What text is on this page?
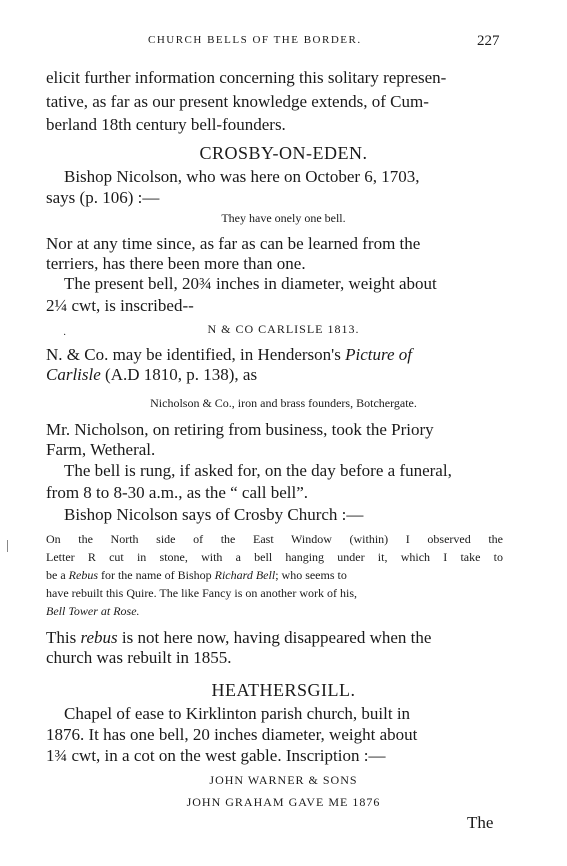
CHURCH BELLS OF THE BORDER.	227
elicit further information concerning this solitary represen-
tative, as far as our present knowledge extends, of Cum-
berland 18th century bell-founders.
CROSBY-ON-EDEN.
Bishop Nicolson, who was here on October 6, 1703,
says (p. 106) :—
They have onely one bell.
Nor at any time since, as far as can be learned from the
terriers, has there been more than one.
The present bell, 20¾ inches in diameter, weight about
2¼ cwt, is inscribed--
·	N & CO CARLISLE 1813.
N. & Co. may be identified, in Henderson's Picture of
Carlisle (A.D 1810, p. 138), as
Nicholson & Co., iron and brass founders, Botchergate.
Mr. Nicholson, on retiring from business, took the Priory
Farm, Wetheral.
The bell is rung, if asked for, on the day before a funeral,
from 8 to 8-30 a.m., as the “ call bell”.
Bishop Nicolson says of Crosby Church :—
On the North side of the East Window (within) I observed the
Letter R cut in stone, with a bell hanging under it, which I take to
be a Rebus for the name of Bishop Richard Bell; who seems to
have rebuilt this Quire. The like Fancy is on another work of his,
Bell Tower at Rose.
This rebus is not here now, having disappeared when the
church was rebuilt in 1855.
HEATHERSGILL.
Chapel of ease to Kirklinton parish church, built in
1876. It has one bell, 20 inches diameter, weight about
1¾ cwt, in a cot on the west gable. Inscription :—
JOHN WARNER & SONS
JOHN GRAHAM GAVE ME 1876
The
